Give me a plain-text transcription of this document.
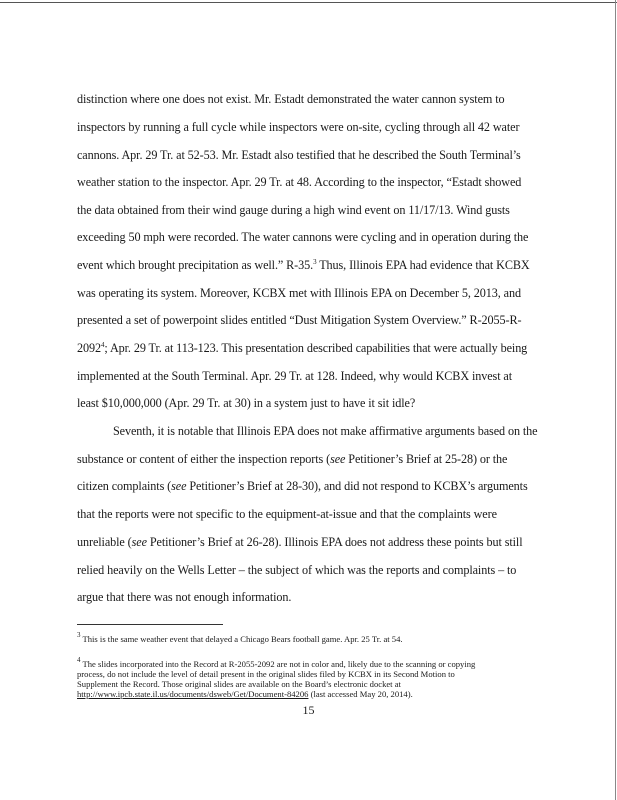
distinction where one does not exist. Mr. Estadt demonstrated the water cannon system to
inspectors by running a full cycle while inspectors were on-site, cycling through all 42 water
cannons. Apr. 29 Tr. at 52-53. Mr. Estadt also testified that he described the South Terminal’s
weather station to the inspector. Apr. 29 Tr. at 48. According to the inspector, “Estadt showed
the data obtained from their wind gauge during a high wind event on 11/17/13. Wind gusts
exceeding 50 mph were recorded. The water cannons were cycling and in operation during the
event which brought precipitation as well.” R-35.$^3$ Thus, Illinois EPA had evidence that KCBX
was operating its system. Moreover, KCBX met with Illinois EPA on December 5, 2013, and
presented a set of powerpoint slides entitled “Dust Mitigation System Overview.” R-2055-R-
2092$^4$; Apr. 29 Tr. at 113-123. This presentation described capabilities that were actually being
implemented at the South Terminal. Apr. 29 Tr. at 128. Indeed, why would KCBX invest at
least $10,000,000 (Apr. 29 Tr. at 30) in a system just to have it sit idle?
Seventh, it is notable that Illinois EPA does not make affirmative arguments based on the
substance or content of either the inspection reports (see Petitioner’s Brief at 25-28) or the
citizen complaints (see Petitioner’s Brief at 28-30), and did not respond to KCBX’s arguments
that the reports were not specific to the equipment-at-issue and that the complaints were
unreliable (see Petitioner’s Brief at 26-28). Illinois EPA does not address these points but still
relied heavily on the Wells Letter – the subject of which was the reports and complaints – to
argue that there was not enough information.
$^3$ This is the same weather event that delayed a Chicago Bears football game. Apr. 25 Tr. at 54.
$^4$ The slides incorporated into the Record at R-2055-2092 are not in color and, likely due to the scanning or copying
process, do not include the level of detail present in the original slides filed by KCBX in its Second Motion to
Supplement the Record. Those original slides are available on the Board’s electronic docket at
http://www.ipcb.state.il.us/documents/dsweb/Get/Document-84206 (last accessed May 20, 2014).
15
